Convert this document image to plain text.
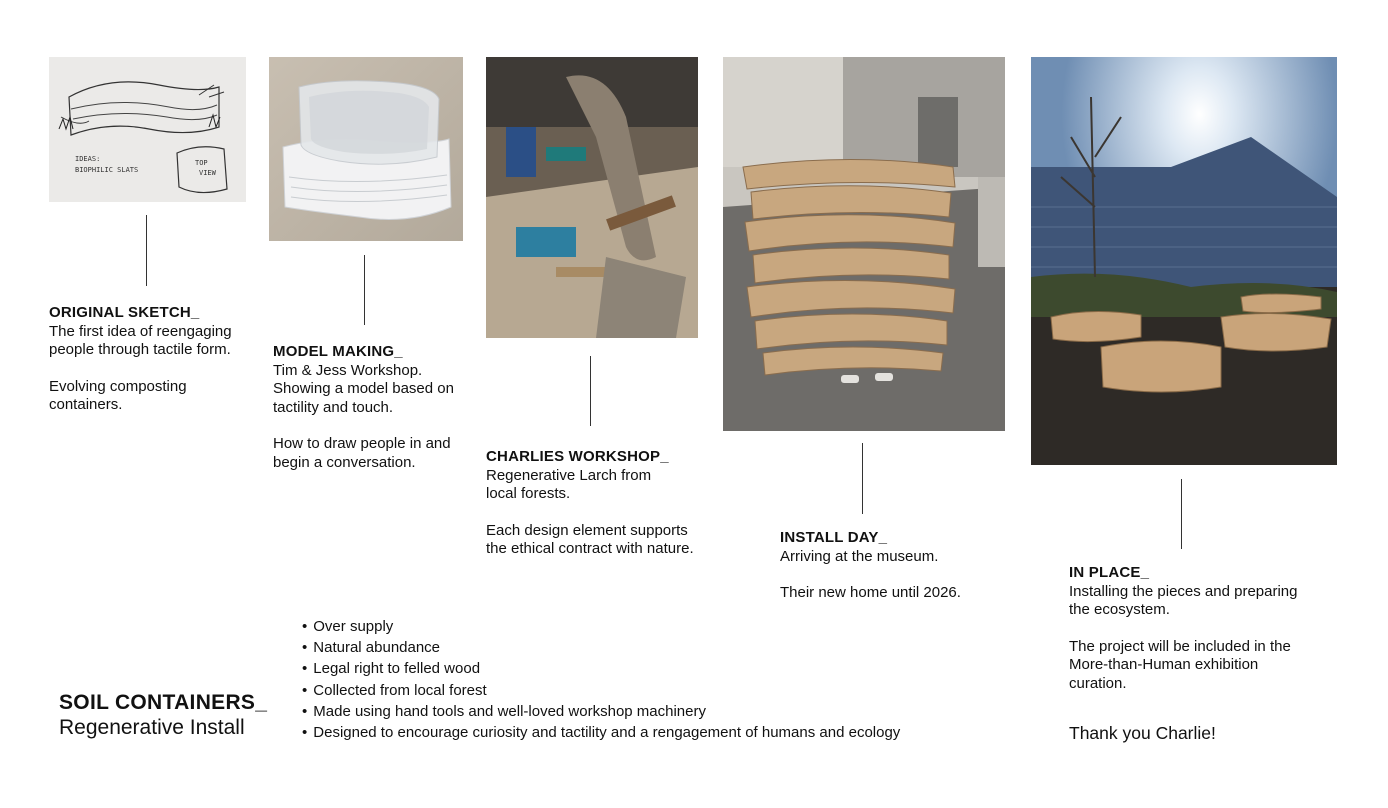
IDEAS:
BIOPHILIC SLATS
TOP
VIEW

ORIGINAL SKETCH_

The first idea of reengaging

people through tactile form.

Evolving composting

containers.

MODEL MAKING_

Tim & Jess Workshop.

Showing a model based on

tactility and touch.

How to draw people in and

begin a conversation.	CHARLIES WORKSHOP_

Regenerative Larch from

local forests.

Each design element supports

the ethical contract with nature.

INSTALL DAY_

Arriving at the museum.

Their new home until 2026.

IN PLACE_

Installing the pieces and preparing

the ecosystem.

The project will be included in the

More-than-Human exhibition

curation.

• Over supply
• Natural abundance
• Legal right to felled wood
• Collected from local forest
• Made using hand tools and well-loved workshop machinery
• Designed to encourage curiosity and tactility and a rengagement of humans and ecology
SOIL CONTAINERS_
Regenerative Install	Thank you Charlie!
